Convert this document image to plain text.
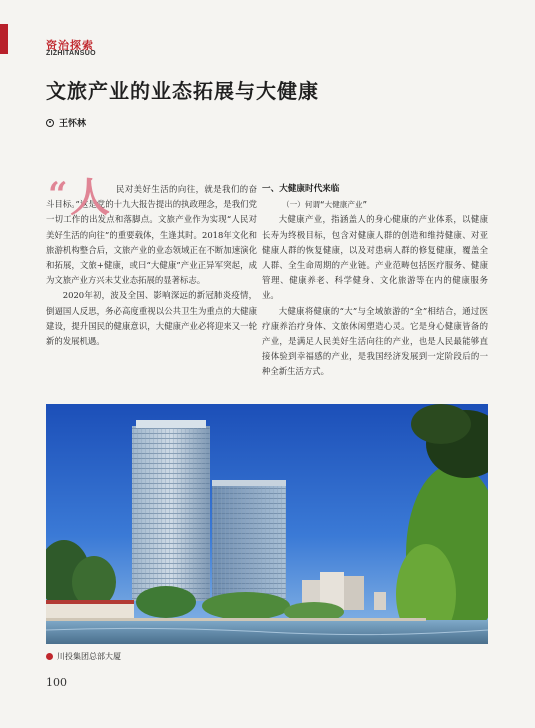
资治探索
ZIZHITANSUO
文旅产业的业态拓展与大健康
王怀林
“ 人 民对美好生活的向往，就是我们的奋斗目标。”这是党的十九大报告提出的执政理念，是我们党一切工作的出发点和落脚点。文旅产业作为实现“人民对美好生活的向往”的重要载体，生逢其时。2018年文化和旅游机构整合后，文旅产业的业态领域正在不断加速演化和拓展，文旅+健康，或曰“大健康”产业正异军突起，成为文旅产业方兴未艾业态拓展的显著标志。

2020年初，波及全国、影响深远的新冠肺炎疫情，倒逼国人反思，务必高度重视以公共卫生为重点的大健康建设，提升国民的健康意识，大健康产业必将迎来又一轮新的发展机遇。

一、大健康时代来临

（一）何谓“大健康产业”

大健康产业，指涵盖人的身心健康的产业体系，以健康长寿为终极目标，包含对健康人群的创造和维持健康、对亚健康人群的恢复健康，以及对患病人群的修复健康，覆盖全人群、全生命周期的产业链。产业范畴包括医疗服务、健康管理、健康养老、科学健身、文化旅游等在内的健康服务业。

大健康将健康的“大”与全域旅游的“全”相结合，通过医疗康养治疗身体、文旅休闲塑造心灵。它是身心健康皆备的产业，是满足人民美好生活向往的产业，也是人民最能够直接体验到幸福感的产业，是我国经济发展到一定阶段后的一种全新生活方式。

川投集团总部大厦
100
